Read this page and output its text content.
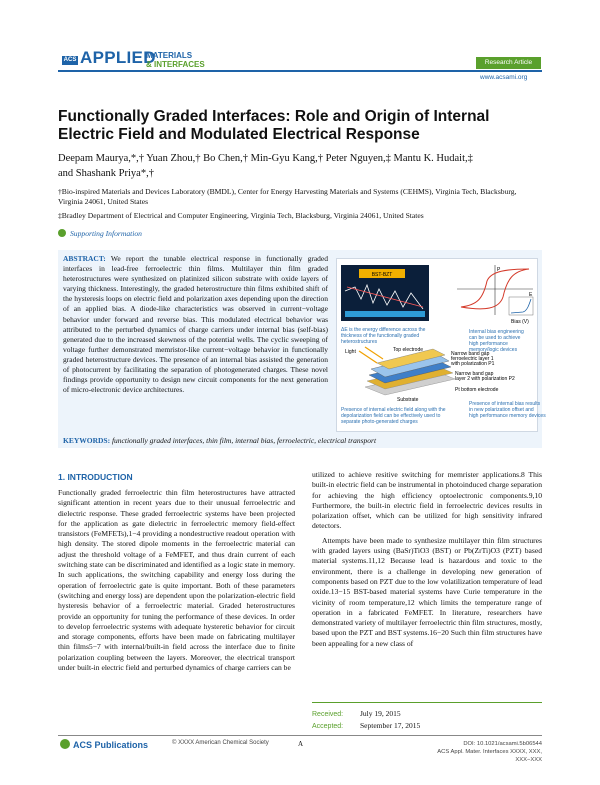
ACS APPLIED
MATERIALS
& INTERFACES	Research Article
www.acsami.org
Functionally Graded Interfaces: Role and Origin of Internal Electric Field and Modulated Electrical Response
Deepam Maurya,*,† Yuan Zhou,† Bo Chen,† Min-Gyu Kang,† Peter Nguyen,‡ Mantu K. Hudait,‡
and Shashank Priya*,†
†Bio-inspired Materials and Devices Laboratory (BMDL), Center for Energy Harvesting Materials and Systems (CEHMS), Virginia Tech, Blacksburg, Virginia 24061, United States
‡Bradley Department of Electrical and Computer Engineering, Virginia Tech, Blacksburg, Virginia 24061, United States
Supporting Information
ABSTRACT: We report the tunable electrical response in functionally graded interfaces in lead-free ferroelectric thin films. Multilayer thin film graded heterostructures were synthesized on platinized silicon substrate with oxide layers of varying thickness. Interestingly, the graded heterostructure thin films exhibited shift of the hysteresis loops on electric field and polarization axes depending upon the direction of an applied bias. A diode-like characteristics was observed in current−voltage behavior under forward and reverse bias. This modulated electrical behavior was attributed to the perturbed dynamics of charge carriers under internal bias (self-bias) generated due to the increased skewness of the potential wells. The cyclic sweeping of voltage further demonstrated memristor-like current−voltage behavior in functionally graded heterostructure devices. The presence of an internal bias assisted the generation of photocurrent by facilitating the separation of photogenerated charges. These novel findings provide opportunity to design new circuit components for the next generation of micro-electronic device architectures.
BST-BZT
ΔE is the energy difference across the thickness of the functionally graded heterostructures
P
E
Bias (V)
Internal bias engineering can be used to achieve high performance memory/logic devices
Light	Top electrode
Narrow band gap ferroelectric layer 1 with polarization P1
Narrow band gap layer 2 with polarization P2
Substrate
Pt bottom electrode
Presence of internal electric field along with the depolarization field can be effectively used to separate photo-generated charges
Presence of internal bias results in new polarization offset and high performance memory devices
KEYWORDS: functionally graded interfaces, thin film, internal bias, ferroelectric, electrical transport
1. INTRODUCTION
Functionally graded ferroelectric thin film heterostructures have attracted significant attention in recent years due to their unusual ferroelectric and dielectric response. These graded ferroelectric systems have been projected for the application as gate dielectric in ferroelectric memory field-effect transistors (FeMFETs),1−4 providing a nondestructive readout operation with high density. The stored dipole moments in the ferroelectric material can adjust the threshold voltage of a FeMFET, and thus drain current of each switching state can be discriminated and identified as a logic state in memory. In such applications, the switching capability and energy loss during the operation of ferroelectric gate is quite important. Both of these parameters (switching and energy loss) are dependent upon the polarization-electric field hysteresis behavior of a ferroelectric material. Graded heterostructures provide an opportunity for tuning the performance of these devices. In order to develop ferroelectric systems with adequate hysteretic behavior for circuit and storage components, efforts have been made on fabricating multilayer thin films5−7 with internal/built-in field across the interface due to finite polarization coupling between the layers. Moreover, the electrical transport under built-in electric field and perturbed dynamics of charge carriers can be

utilized to achieve resitive switching for memrister applications.8 This built-in electric field can be instrumental in photoinduced charge separation for achieving the high efficiency optoelectronic components.9,10 Furthermore, the built-in electric field in ferroelectric devices results in polarization offset, which can be utilized for high sensitivity infrared detectors.

Attempts have been made to synthesize multilayer thin film structures with graded layers using (BaSr)TiO3 (BST) or Pb(ZrTi)O3 (PZT) based material systems.11,12 Because lead is hazardous and toxic to the environment, there is a challenge in developing new generation of components based on PZT due to the low volatilization temperature of lead oxide.13−15 BST-based material systems have Curie temperature in the vicinity of room temperature,12 which limits the temperature range of operation in a fabricated FeMFET. In literature, researchers have demonstrated variety of multilayer ferroelectric thin film structures, mostly, based upon the PZT and BST systems.16−20 Such thin film structures have been appealing for a new class of

Received: July 19, 2015
Accepted: September 17, 2015
ACS Publications	© XXXX American Chemical Society	A	DOI: 10.1021/acsami.5b06544
ACS Appl. Mater. Interfaces XXXX, XXX, XXX−XXX
